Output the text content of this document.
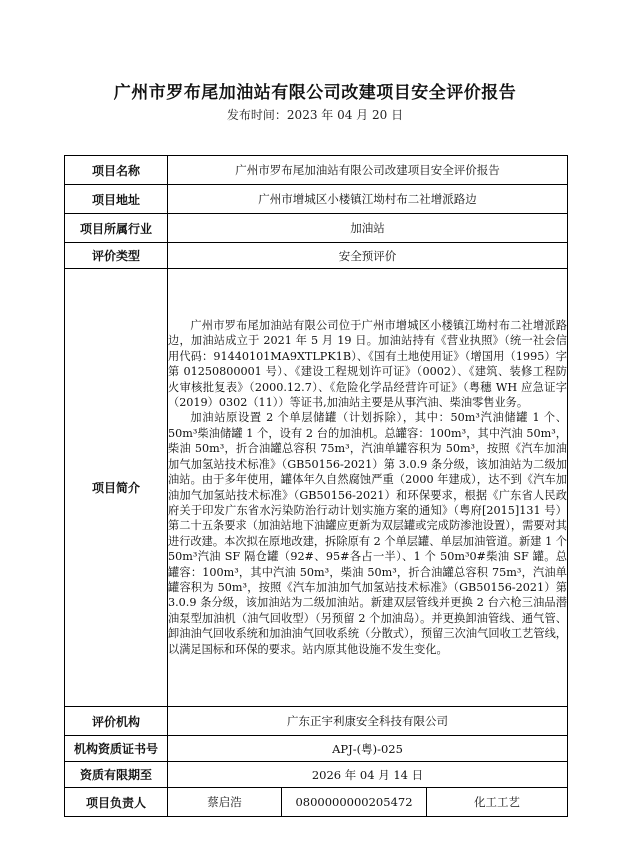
广州市罗布尾加油站有限公司改建项目安全评价报告
发布时间：2023 年 04 月 20 日
项目名称	广州市罗布尾加油站有限公司改建项目安全评价报告		
项目地址	广州市增城区小楼镇江坳村布二社增派路边		
项目所属行业	加油站		
评价类型	安全预评价		
项目简介	广州市罗布尾加油站有限公司位于广州市增城区小楼镇江坳村布二社增派路边，加油站成立于 2021 年 5 月 19 日。加油站持有《营业执照》（统一社会信用代码：91440101MA9XTLPK1B）、《国有土地使用证》（增国用（1995）字第 01250800001 号）、《建设工程规划许可证》（0002）、《建筑、装修工程防火审核批复表》（2000.12.7）、《危险化学品经营许可证》（粤穗 WH 应急证字（2019）0302（11））等证书,加油站主要是从事汽油、柴油零售业务。

加油站原设置 2 个单层储罐（计划拆除），其中：50m³汽油储罐 1 个、50m³柴油储罐 1 个，设有 2 台的加油机。总罐容：100m³，其中汽油 50m³，柴油 50m³，折合油罐总容积 75m³，汽油单罐容积为 50m³，按照《汽车加油加气加氢站技术标准》（GB50156-2021）第 3.0.9 条分级，该加油站为二级加油站。由于多年使用，罐体年久自然腐蚀严重（2000 年建成），达不到《汽车加油加气加氢站技术标准》（GB50156-2021）和环保要求，根据《广东省人民政府关于印发广东省水污染防治行动计划实施方案的通知》（粤府[2015]131 号）第二十五条要求（加油站地下油罐应更新为双层罐或完成防渗池设置），需要对其进行改建。本次拟在原地改建，拆除原有 2 个单层罐、单层加油管道。新建 1 个 50m³汽油 SF 隔仓罐（92#、95#各占一半）、1 个 50m³0#柴油 SF 罐。总罐容：100m³，其中汽油 50m³，柴油 50m³，折合油罐总容积 75m³，汽油单罐容积为 50m³，按照《汽车加油加气加氢站技术标准》（GB50156-2021）第 3.0.9 条分级，该加油站为二级加油站。新建双层管线并更换 2 台六枪三油品潜油泵型加油机（油气回收型）（另预留 2 个加油岛）。并更换卸油管线、通气管、卸油油气回收系统和加油油气回收系统（分散式），预留三次油气回收工艺管线，以满足国标和环保的要求。站内原其他设施不发生变化。		

评价机构	广东正宇利康安全科技有限公司		
机构资质证书号	APJ-(粤)-025		
资质有限期至	2026 年 04 月 14 日		
项目负责人	蔡启浩	0800000000205472	化工工艺
